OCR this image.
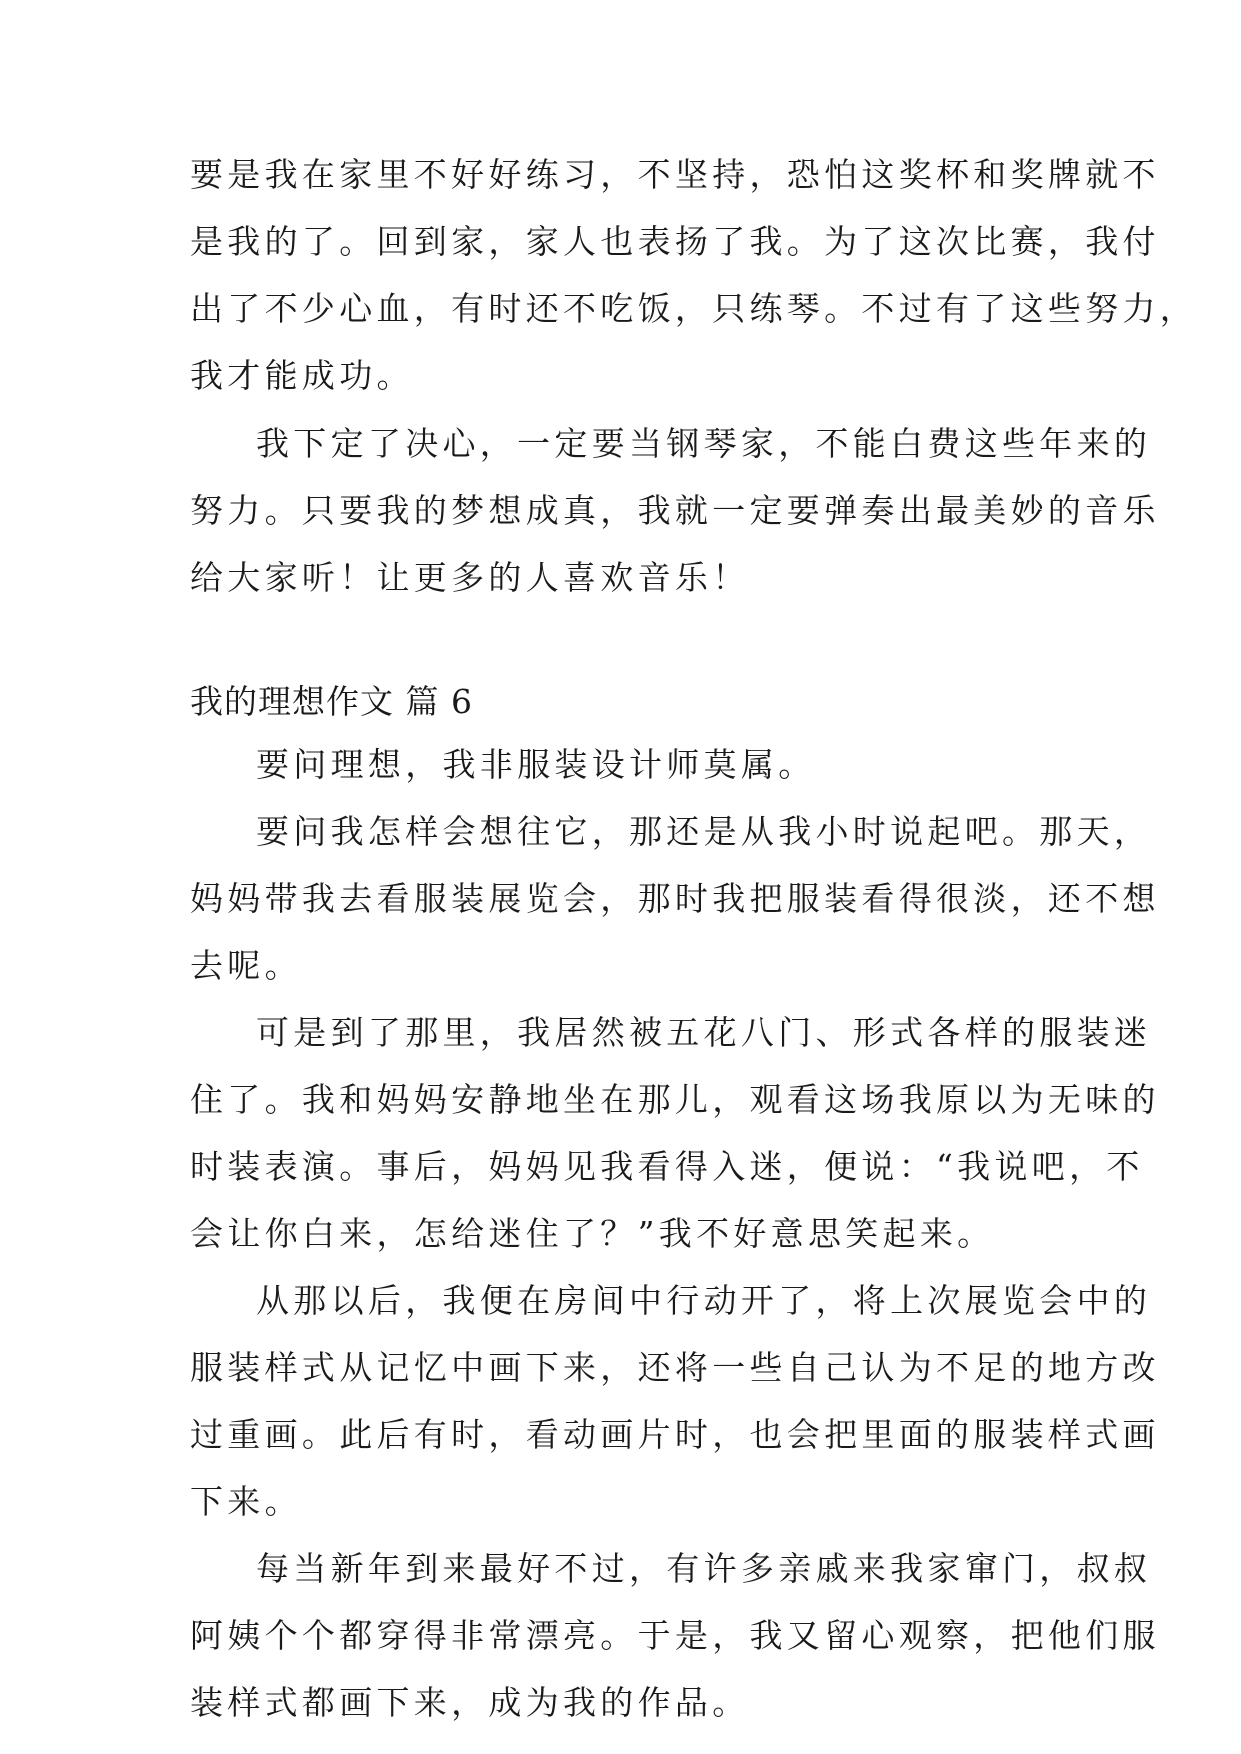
要是我在家里不好好练习，不坚持，恐怕这奖杯和奖牌就不

是我的了。回到家，家人也表扬了我。为了这次比赛，我付

出了不少心血，有时还不吃饭，只练琴。不过有了这些努力，

我才能成功。

我下定了决心，一定要当钢琴家，不能白费这些年来的

努力。只要我的梦想成真，我就一定要弹奏出最美妙的音乐

给大家听！让更多的人喜欢音乐！

我的理想作文 篇 6

要问理想，我非服装设计师莫属。

要问我怎样会想往它，那还是从我小时说起吧。那天，

妈妈带我去看服装展览会，那时我把服装看得很淡，还不想

去呢。

可是到了那里，我居然被五花八门、形式各样的服装迷

住了。我和妈妈安静地坐在那儿，观看这场我原以为无味的

时装表演。事后，妈妈见我看得入迷，便说：“我说吧，不

会让你白来，怎给迷住了？”我不好意思笑起来。

从那以后，我便在房间中行动开了，将上次展览会中的

服装样式从记忆中画下来，还将一些自己认为不足的地方改

过重画。此后有时，看动画片时，也会把里面的服装样式画

下来。

每当新年到来最好不过，有许多亲戚来我家窜门，叔叔

阿姨个个都穿得非常漂亮。于是，我又留心观察，把他们服

装样式都画下来，成为我的作品。
